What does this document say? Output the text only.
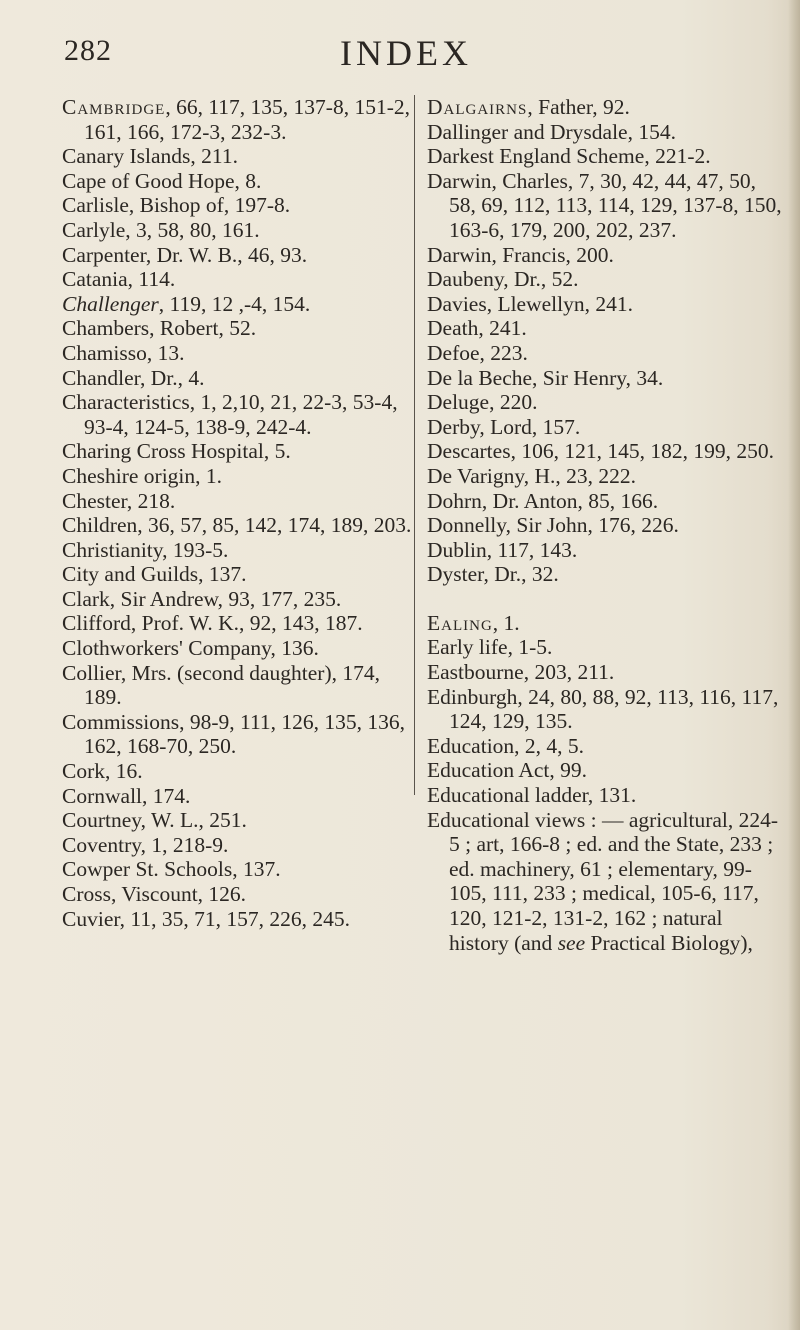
282	INDEX

Cambridge, 66, 117, 135, 137-8, 151-2, 161, 166, 172-3, 232-3.

Canary Islands, 211.

Cape of Good Hope, 8.

Carlisle, Bishop of, 197-8.

Carlyle, 3, 58, 80, 161.

Carpenter, Dr. W. B., 46, 93.

Catania, 114.

Challenger, 119, 12 ,-4, 154.

Chambers, Robert, 52.

Chamisso, 13.

Chandler, Dr., 4.

Characteristics, 1, 2,10, 21, 22-3, 53-4, 93-4, 124-5, 138-9, 242-4.

Charing Cross Hospital, 5.

Cheshire origin, 1.

Chester, 218.

Children, 36, 57, 85, 142, 174, 189, 203.

Christianity, 193-5.

City and Guilds, 137.

Clark, Sir Andrew, 93, 177, 235.

Clifford, Prof. W. K., 92, 143, 187.

Clothworkers' Company, 136.

Collier, Mrs. (second daughter), 174, 189.

Commissions, 98-9, 111, 126, 135, 136, 162, 168-70, 250.

Cork, 16.

Cornwall, 174.

Courtney, W. L., 251.

Coventry, 1, 218-9.

Cowper St. Schools, 137.

Cross, Viscount, 126.

Cuvier, 11, 35, 71, 157, 226, 245.

Dalgairns, Father, 92.

Dallinger and Drysdale, 154.

Darkest England Scheme, 221-2.

Darwin, Charles, 7, 30, 42, 44, 47, 50, 58, 69, 112, 113, 114, 129, 137-8, 150, 163-6, 179, 200, 202, 237.

Darwin, Francis, 200.

Daubeny, Dr., 52.

Davies, Llewellyn, 241.

Death, 241.

Defoe, 223.

De la Beche, Sir Henry, 34.

Deluge, 220.

Derby, Lord, 157.

Descartes, 106, 121, 145, 182, 199, 250.

De Varigny, H., 23, 222.

Dohrn, Dr. Anton, 85, 166.

Donnelly, Sir John, 176, 226.

Dublin, 117, 143.

Dyster, Dr., 32.

Ealing, 1.

Early life, 1-5.

Eastbourne, 203, 211.

Edinburgh, 24, 80, 88, 92, 113, 116, 117, 124, 129, 135.

Education, 2, 4, 5.

Education Act, 99.

Educational ladder, 131.

Educational views : — agricultural, 224-5 ; art, 166-8 ; ed. and the State, 233 ; ed. machinery, 61 ; elementary, 99-105, 111, 233 ; medical, 105-6, 117, 120, 121-2, 131-2, 162 ; natural history (and see Practical Biology),
